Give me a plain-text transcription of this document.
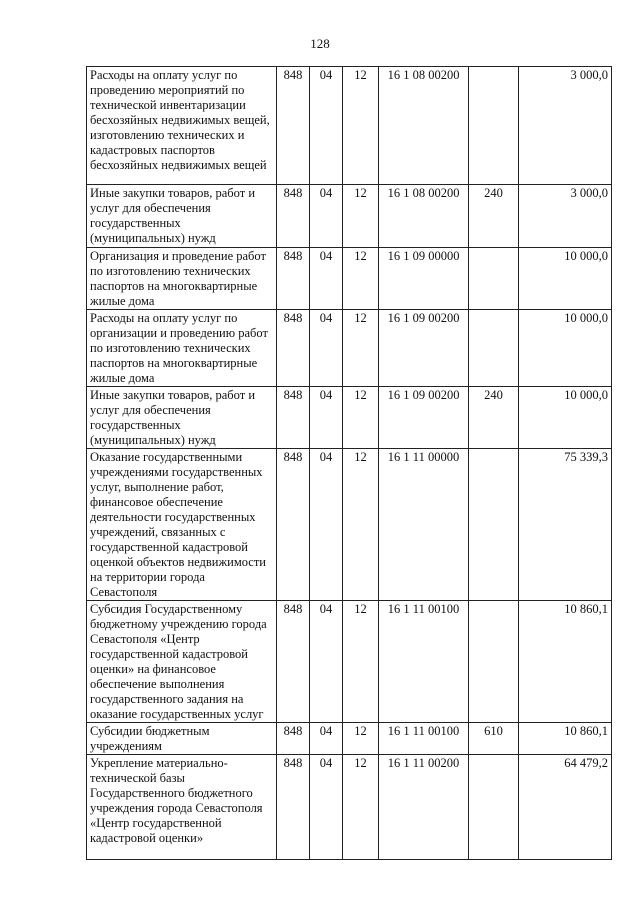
128
Расходы на оплату услуг по проведению мероприятий по технической инвентаризации бесхозяйных недвижимых вещей, изготовлению технических и кадастровых паспортов бесхозяйных недвижимых вещей	848	04	12	16 1 08 00200		3 000,0
Иные закупки товаров, работ и услуг для обеспечения государственных (муниципальных) нужд	848	04	12	16 1 08 00200	240	3 000,0
Организация и проведение работ по изготовлению технических паспортов на многоквартирные жилые дома	848	04	12	16 1 09 00000		10 000,0
Расходы на оплату услуг по организации и проведению работ по изготовлению технических паспортов на многоквартирные жилые дома	848	04	12	16 1 09 00200		10 000,0
Иные закупки товаров, работ и услуг для обеспечения государственных (муниципальных) нужд	848	04	12	16 1 09 00200	240	10 000,0
Оказание государственными учреждениями государственных услуг, выполнение работ, финансовое обеспечение деятельности государственных учреждений, связанных с государственной кадастровой оценкой объектов недвижимости на территории города Севастополя	848	04	12	16 1 11 00000		75 339,3
Субсидия Государственному бюджетному учреждению города Севастополя «Центр государственной кадастровой оценки» на финансовое обеспечение выполнения государственного задания на оказание государственных услуг	848	04	12	16 1 11 00100		10 860,1
Субсидии бюджетным учреждениям	848	04	12	16 1 11 00100	610	10 860,1
Укрепление материально-технической базы Государственного бюджетного учреждения города Севастополя «Центр государственной кадастровой оценки»	848	04	12	16 1 11 00200		64 479,2
